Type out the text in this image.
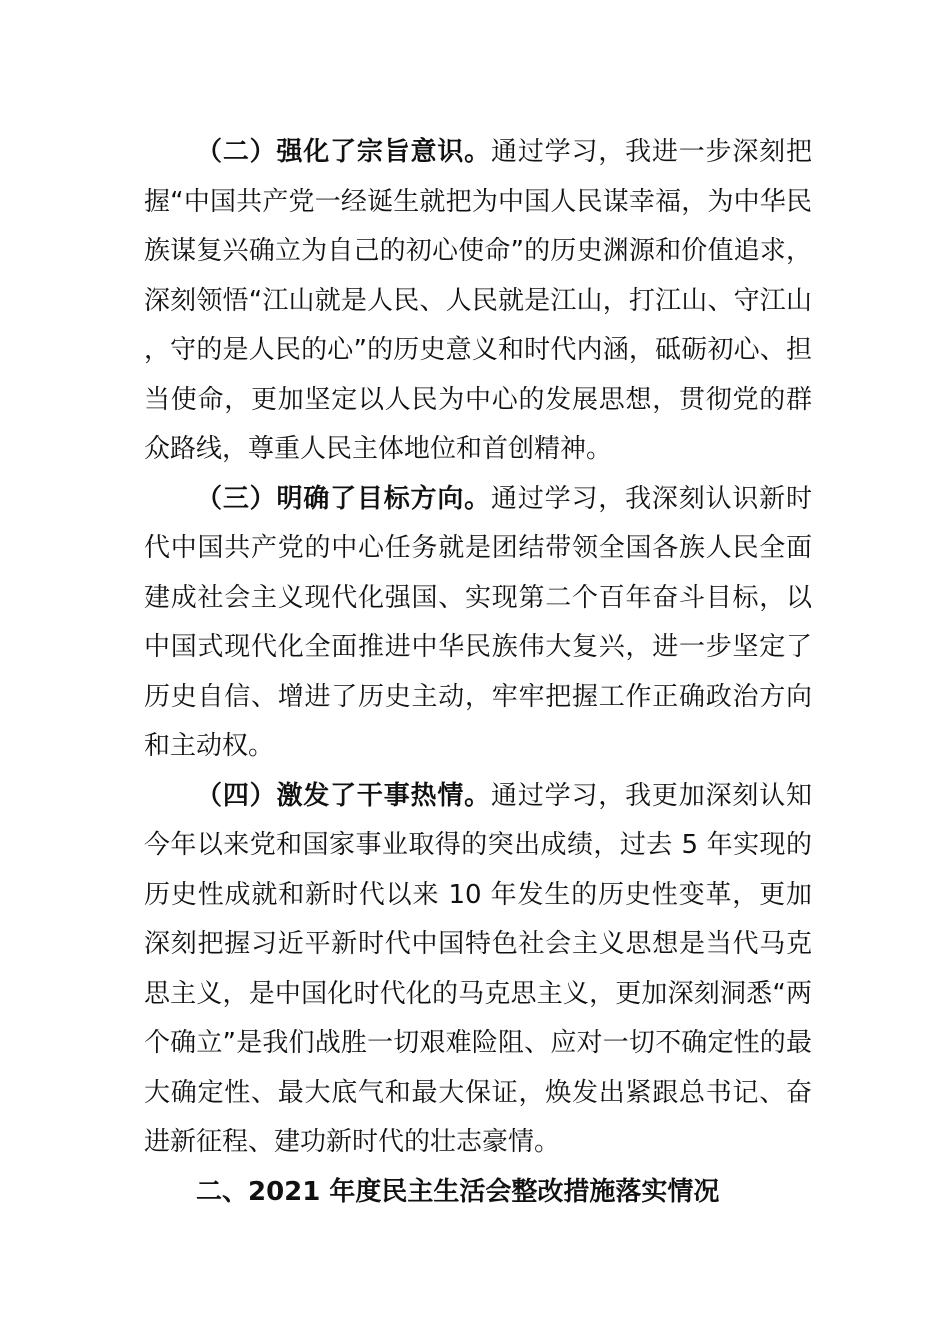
（二）强化了宗旨意识。通过学习，我进一步深刻把握“中国共产党一经诞生就把为中国人民谋幸福，为中华民族谋复兴确立为自己的初心使命”的历史渊源和价值追求，深刻领悟“江山就是人民、人民就是江山，打江山、守江山，守的是人民的心”的历史意义和时代内涵，砥砺初心、担当使命，更加坚定以人民为中心的发展思想，贯彻党的群众路线，尊重人民主体地位和首创精神。

（三）明确了目标方向。通过学习，我深刻认识新时代中国共产党的中心任务就是团结带领全国各族人民全面建成社会主义现代化强国、实现第二个百年奋斗目标，以中国式现代化全面推进中华民族伟大复兴，进一步坚定了历史自信、增进了历史主动，牢牢把握工作正确政治方向和主动权。

（四）激发了干事热情。通过学习，我更加深刻认知今年以来党和国家事业取得的突出成绩，过去 5 年实现的历史性成就和新时代以来 10 年发生的历史性变革，更加深刻把握习近平新时代中国特色社会主义思想是当代马克思主义，是中国化时代化的马克思主义，更加深刻洞悉“两个确立”是我们战胜一切艰难险阻、应对一切不确定性的最大确定性、最大底气和最大保证，焕发出紧跟总书记、奋进新征程、建功新时代的壮志豪情。

二、2021 年度民主生活会整改措施落实情况
